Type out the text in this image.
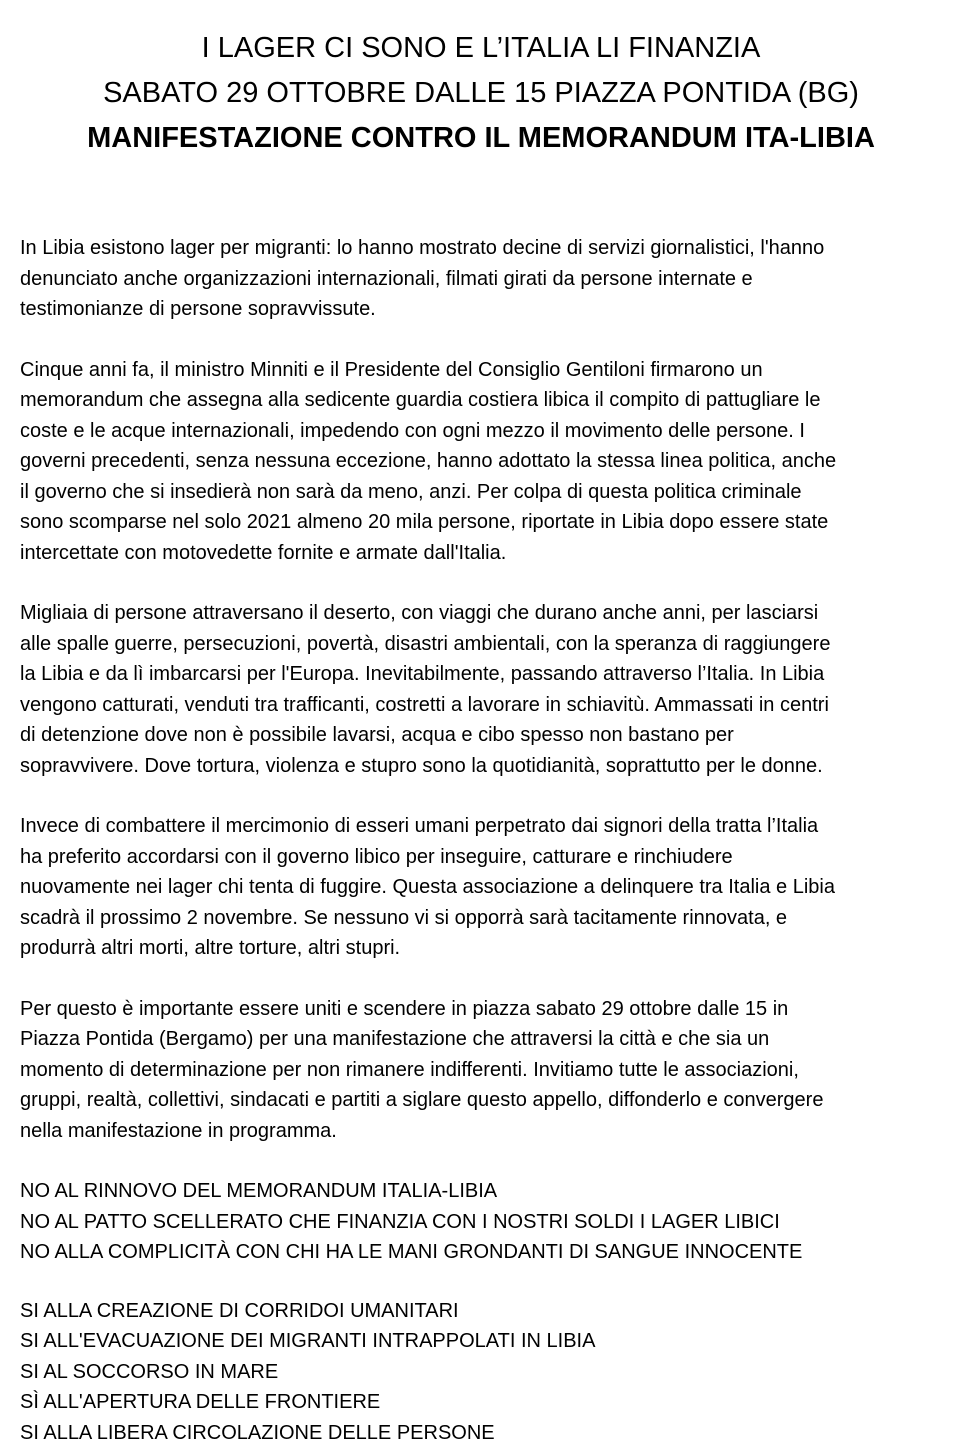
I LAGER CI SONO E L’ITALIA LI FINANZIA
SABATO 29 OTTOBRE DALLE 15 PIAZZA PONTIDA (BG)
MANIFESTAZIONE CONTRO IL MEMORANDUM ITA-LIBIA

In Libia esistono lager per migranti: lo hanno mostrato decine di servizi giornalistici, l'hanno
denunciato anche organizzazioni internazionali, filmati girati da persone internate e
testimonianze di persone sopravvissute.

Cinque anni fa, il ministro Minniti e il Presidente del Consiglio Gentiloni firmarono un
memorandum che assegna alla sedicente guardia costiera libica il compito di pattugliare le
coste e le acque internazionali, impedendo con ogni mezzo il movimento delle persone. I
governi precedenti, senza nessuna eccezione, hanno adottato la stessa linea politica, anche
il governo che si insedierà non sarà da meno, anzi. Per colpa di questa politica criminale
sono scomparse nel solo 2021 almeno 20 mila persone, riportate in Libia dopo essere state
intercettate con motovedette fornite e armate dall'Italia.

Migliaia di persone attraversano il deserto, con viaggi che durano anche anni, per lasciarsi
alle spalle guerre, persecuzioni, povertà, disastri ambientali, con la speranza di raggiungere
la Libia e da lì imbarcarsi per l'Europa. Inevitabilmente, passando attraverso l’Italia. In Libia
vengono catturati, venduti tra trafficanti, costretti a lavorare in schiavitù. Ammassati in centri
di detenzione dove non è possibile lavarsi, acqua e cibo spesso non bastano per
sopravvivere. Dove tortura, violenza e stupro sono la quotidianità, soprattutto per le donne.

Invece di combattere il mercimonio di esseri umani perpetrato dai signori della tratta l’Italia
ha preferito accordarsi con il governo libico per inseguire, catturare e rinchiudere
nuovamente nei lager chi tenta di fuggire. Questa associazione a delinquere tra Italia e Libia
scadrà il prossimo 2 novembre. Se nessuno vi si opporrà sarà tacitamente rinnovata, e
produrrà altri morti, altre torture, altri stupri.

Per questo è importante essere uniti e scendere in piazza sabato 29 ottobre dalle 15 in
Piazza Pontida (Bergamo) per una manifestazione che attraversi la città e che sia un
momento di determinazione per non rimanere indifferenti. Invitiamo tutte le associazioni,
gruppi, realtà, collettivi, sindacati e partiti a siglare questo appello, diffonderlo e convergere
nella manifestazione in programma.

NO AL RINNOVO DEL MEMORANDUM ITALIA-LIBIA
NO AL PATTO SCELLERATO CHE FINANZIA CON I NOSTRI SOLDI I LAGER LIBICI
NO ALLA COMPLICITÀ CON CHI HA LE MANI GRONDANTI DI SANGUE INNOCENTE
SI ALLA CREAZIONE DI CORRIDOI UMANITARI
SI ALL'EVACUAZIONE DEI MIGRANTI INTRAPPOLATI IN LIBIA
SI AL SOCCORSO IN MARE
SÌ ALL'APERTURA DELLE FRONTIERE
SI ALLA LIBERA CIRCOLAZIONE DELLE PERSONE
